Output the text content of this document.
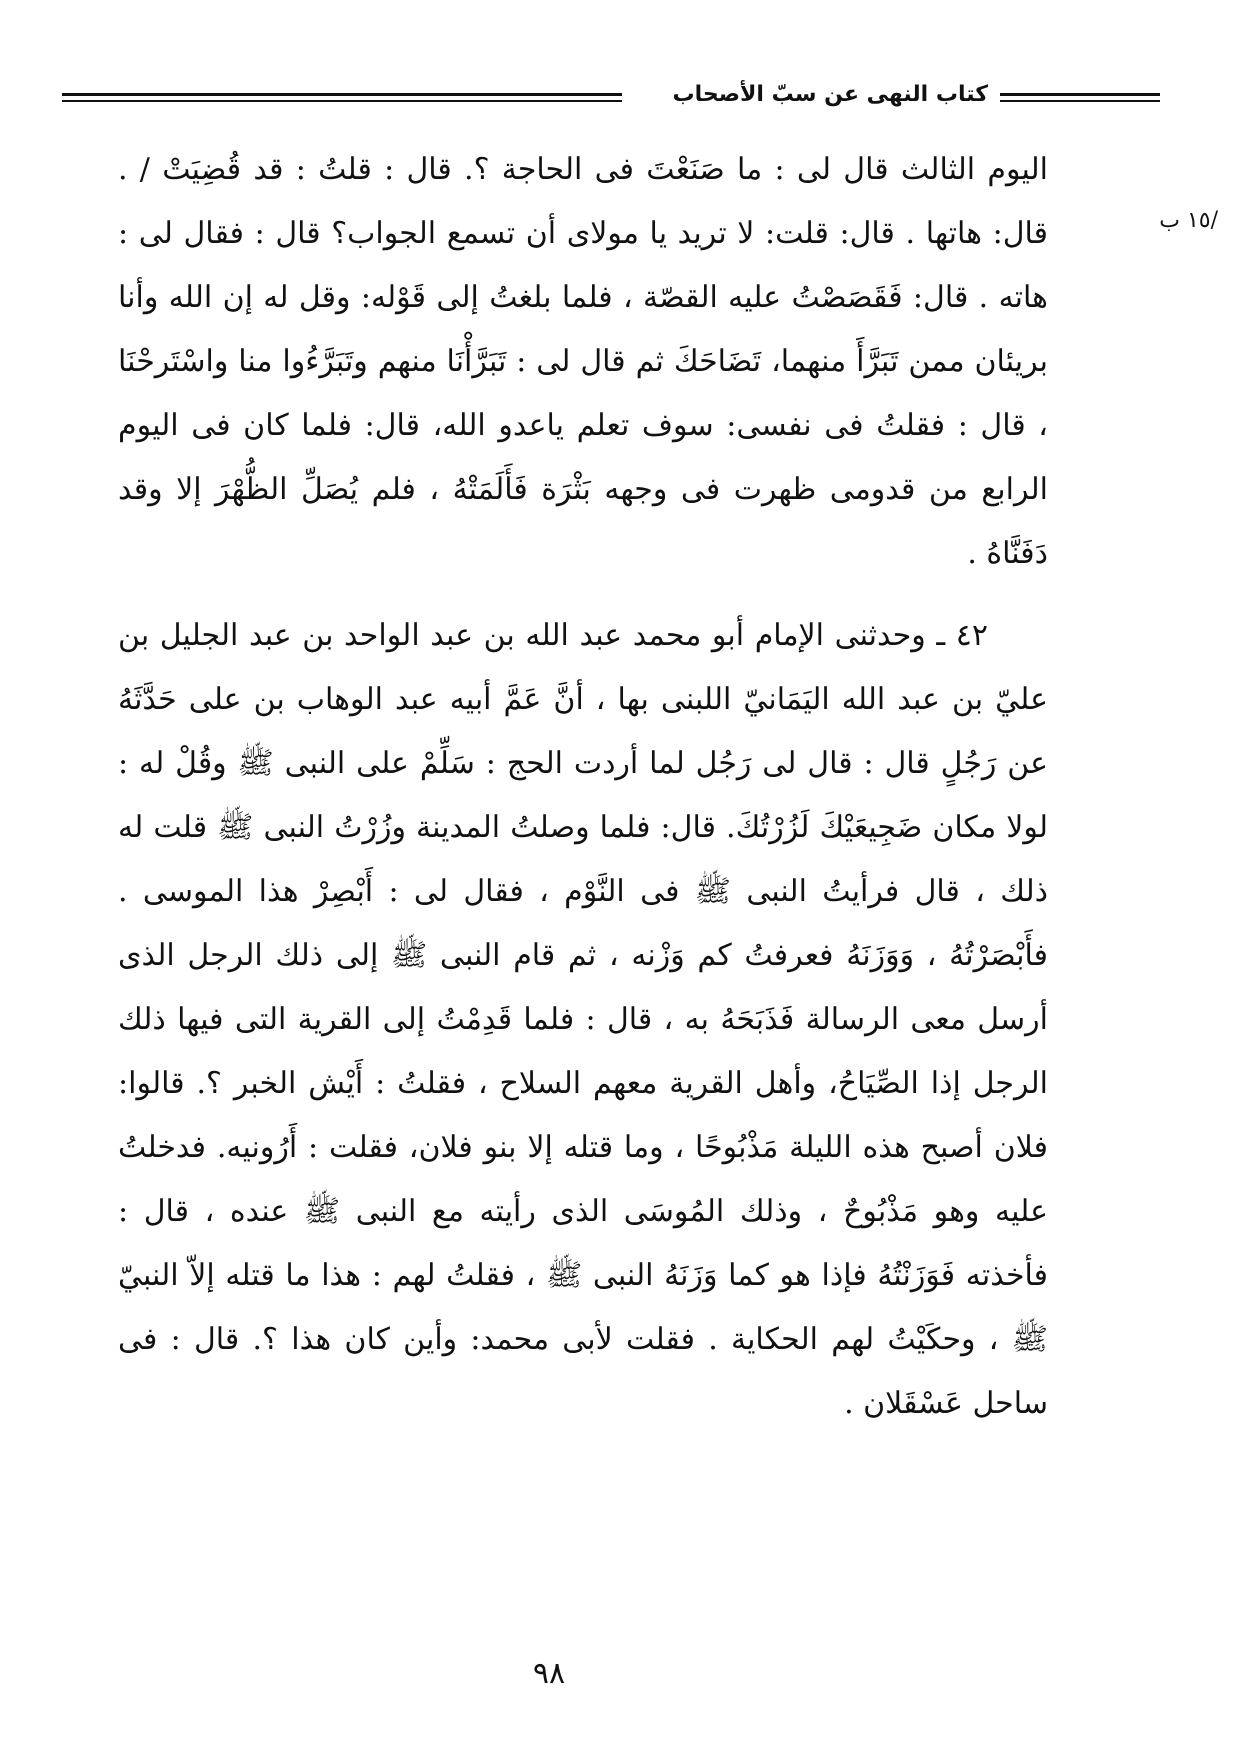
كتاب النهى عن سبّ الأصحاب
/١٥ ب

اليوم الثالث قال لى : ما صَنَعْتَ فى الحاجة ؟. قال : قلتُ : قد قُضِيَتْ / . قال: هاتها . قال: قلت: لا تريد يا مولاى أن تسمع الجواب؟ قال : فقال لى : هاته . قال: فَقَصَصْتُ عليه القصّة ، فلما بلغتُ إلى قَوْله: وقل له إن الله وأنا بريئان ممن تَبَرَّأَ منهما، تَضَاحَكَ ثم قال لى : تَبَرَّأْنَا منهم وتَبَرَّءُوا منا واسْتَرحْنَا ، قال : فقلتُ فى نفسى: سوف تعلم ياعدو الله، قال: فلما كان فى اليوم الرابع من قدومى ظهرت فى وجهه بَثْرَة فَأَلَمَتْهُ ، فلم يُصَلِّ الظُّهْرَ إلا وقد دَفَنَّاهُ .

٤٢ ـ وحدثنى الإمام أبو محمد عبد الله بن عبد الواحد بن عبد الجليل بن عليّ بن عبد الله اليَمَانيّ اللبنى بها ، أنَّ عَمَّ أبيه عبد الوهاب بن على حَدَّثَهُ عن رَجُلٍ قال : قال لى رَجُل لما أردت الحج : سَلِّمْ على النبى ﷺ وقُلْ له : لولا مكان ضَجِيعَيْكَ لَزُرْتُكَ. قال: فلما وصلتُ المدينة وزُرْتُ النبى ﷺ قلت له ذلك ، قال فرأيتُ النبى ﷺ فى النَّوْم ، فقال لى : أَبْصِرْ هذا الموسى . فأَبْصَرْتُهُ ، وَوَزَنَهُ فعرفتُ كم وَزْنه ، ثم قام النبى ﷺ إلى ذلك الرجل الذى أرسل معى الرسالة فَذَبَحَهُ به ، قال : فلما قَدِمْتُ إلى القرية التى فيها ذلك الرجل إذا الصِّيَاحُ، وأهل القرية معهم السلاح ، فقلتُ : أَيْش الخبر ؟. قالوا: فلان أصبح هذه الليلة مَذْبُوحًا ، وما قتله إلا بنو فلان، فقلت : أَرُونيه. فدخلتُ عليه وهو مَذْبُوحٌ ، وذلك المُوسَى الذى رأيته مع النبى ﷺ عنده ، قال : فأخذته فَوَزَنْتُهُ فإذا هو كما وَزَنَهُ النبى ﷺ ، فقلتُ لهم : هذا ما قتله إلاّ النبيّ ﷺ ، وحكَيْتُ لهم الحكاية . فقلت لأبى محمد: وأين كان هذا ؟. قال : فى ساحل عَسْقَلان .

٩٨
